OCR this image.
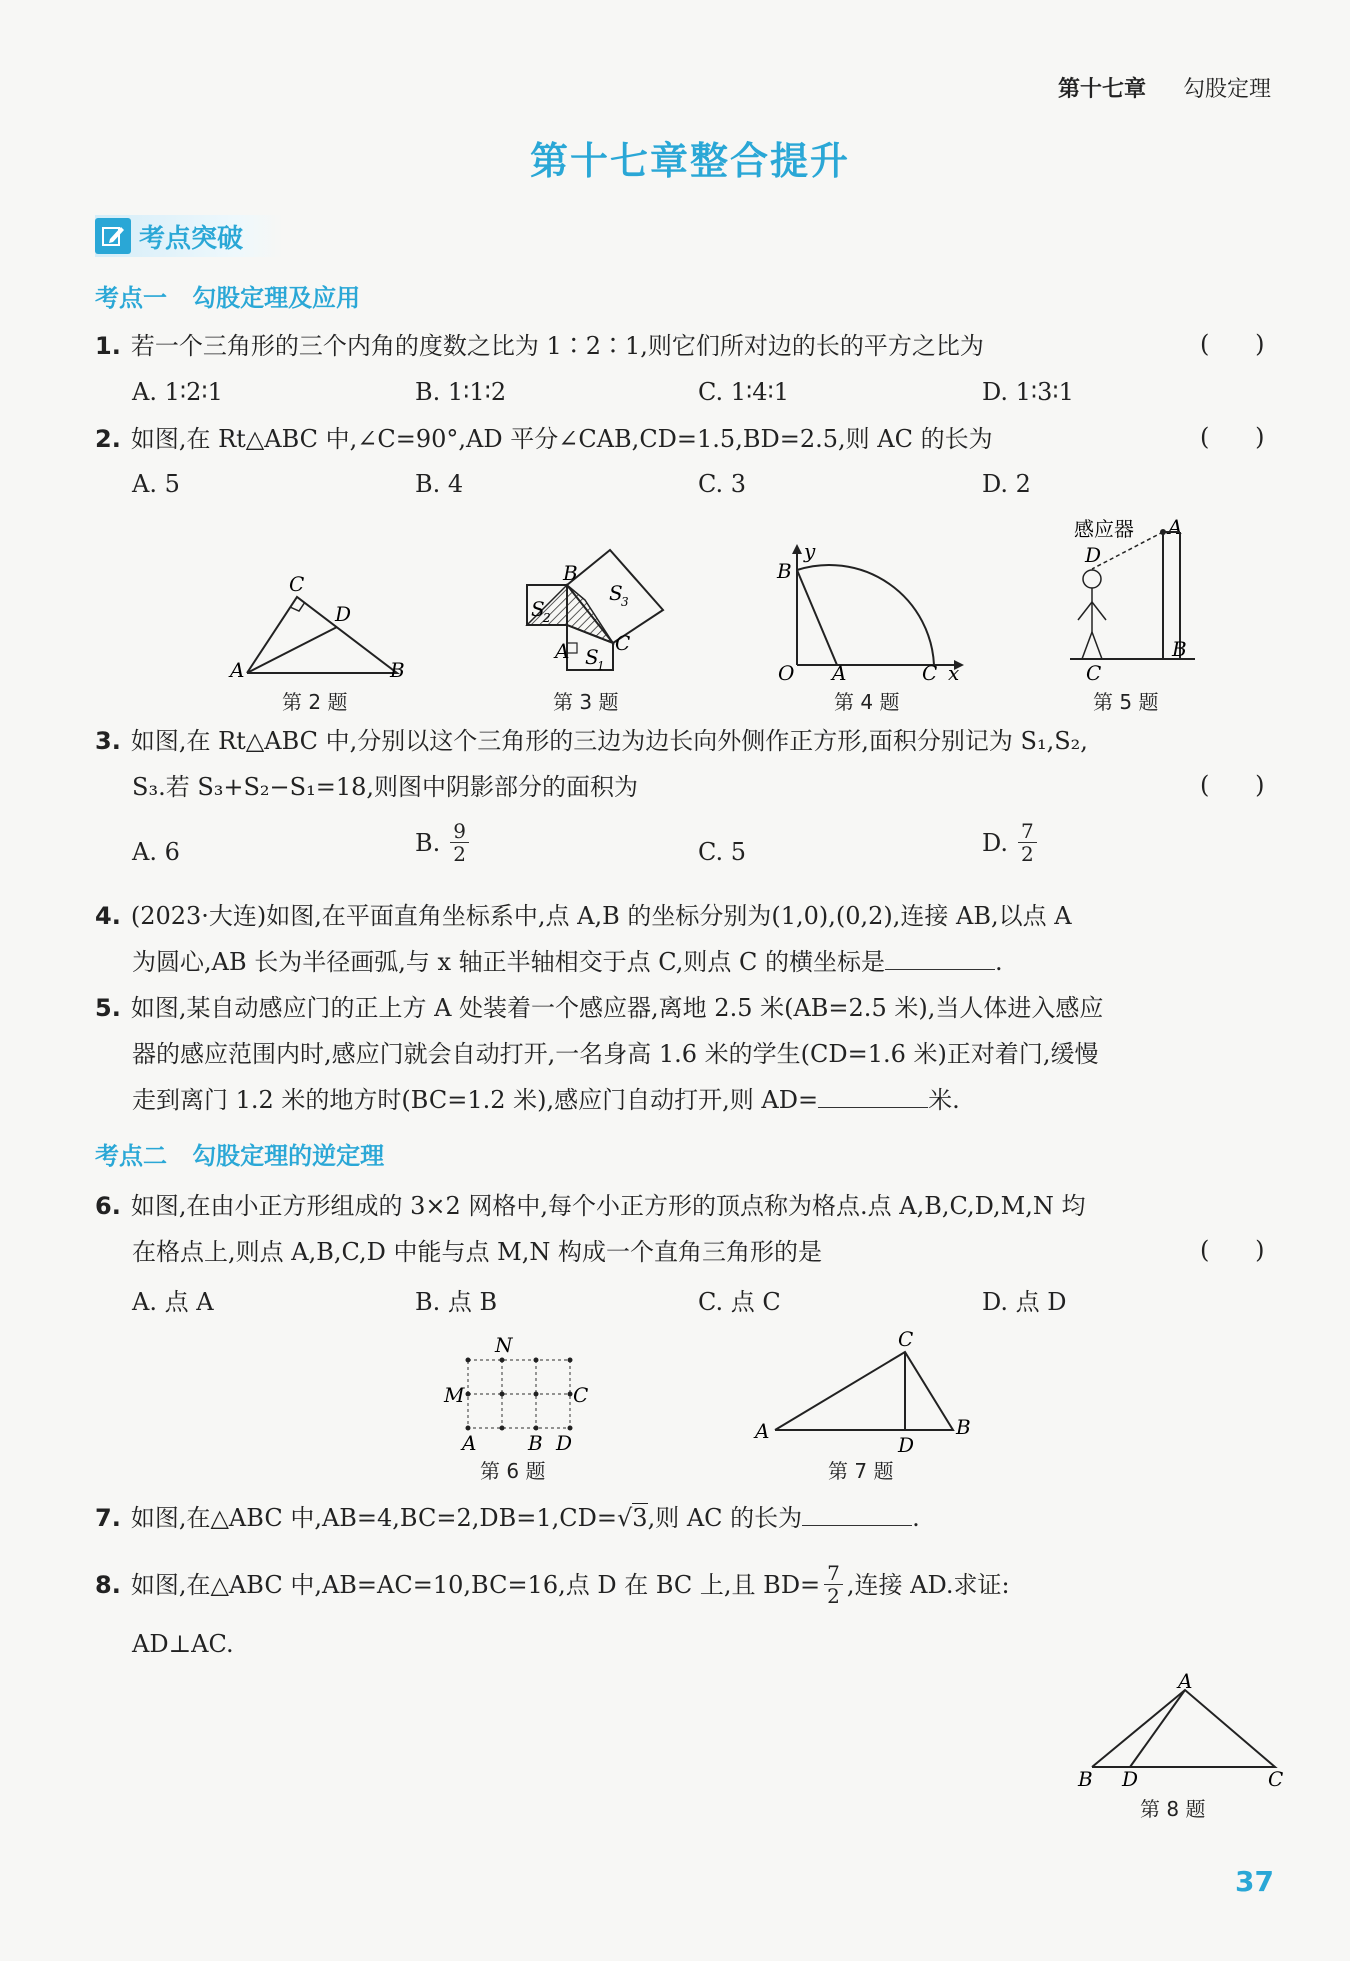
第十七章 勾股定理
第十七章整合提升
考点突破
考点一   勾股定理及应用
1. 若一个三角形的三个内角的度数之比为 1∶2∶1,则它们所对边的长的平方之比为	(      )
A. 1∶2∶1	B. 1∶1∶2	C. 1∶4∶1	D. 1∶3∶1
2. 如图,在 Rt△ABC 中,∠C=90°,AD 平分∠CAB,CD=1.5,BD=2.5,则 AC 的长为	(      )
A. 5	B. 4	C. 3	D. 2
A
C
D
B
第 2 题
B
A C
S
3
S
2
S
1
第 3 题
O A	C x
y
B
第 4 题
感应器 A
D
C
B
第 5 题
3. 如图,在 Rt△ABC 中,分别以这个三角形的三边为边长向外侧作正方形,面积分别记为 S₁,S₂,
S₃.若 S₃+S₂−S₁=18,则图中阴影部分的面积为	(      )
A. 6	B. $\frac{9}{2}$	C. 5	D. $\frac{7}{2}$
4. (2023·大连)如图,在平面直角坐标系中,点 A,B 的坐标分别为(1,0),(0,2),连接 AB,以点 A
为圆心,AB 长为半径画弧,与 x 轴正半轴相交于点 C,则点 C 的横坐标是	.
5. 如图,某自动感应门的正上方 A 处装着一个感应器,离地 2.5 米(AB=2.5 米),当人体进入感应
器的感应范围内时,感应门就会自动打开,一名身高 1.6 米的学生(CD=1.6 米)正对着门,缓慢
走到离门 1.2 米的地方时(BC=1.2 米),感应门自动打开,则 AD=	米.
考点二   勾股定理的逆定理
6. 如图,在由小正方形组成的 3×2 网格中,每个小正方形的顶点称为格点.点 A,B,C,D,M,N 均
在格点上,则点 A,B,C,D 中能与点 M,N 构成一个直角三角形的是	(      )
A. 点 A	B. 点 B	C. 点 C	D. 点 D
N
M	C
A	B D
第 6 题
A
C
B
D
第 7 题
7. 如图,在△ABC 中,AB=4,BC=2,DB=1,CD=√3,则 AC 的长为	.
8. 如图,在△ABC 中,AB=AC=10,BC=16,点 D 在 BC 上,且 $BD= \frac{7}{2}$ ,连接 AD.求证:
AD⊥AC.
A
B D	C
第 8 题
37
